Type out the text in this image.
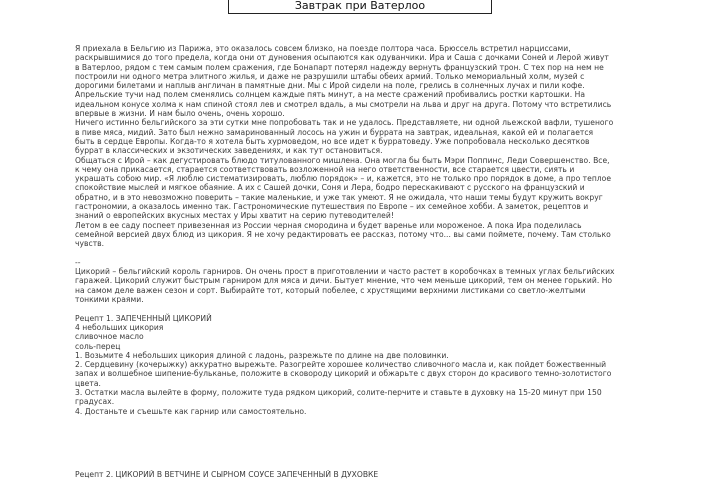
Завтрак при Ватерлоо

Я приехала в Бельгию из Парижа, это оказалось совсем близко, на поезде полтора часа. Брюссель встретил нарциссами, раскрывшимися до того предела, когда они от дуновения осыпаются как одуванчики. Ира и Саша с дочками Соней и Лерой живут в Ватерлоо, рядом с тем самым полем сражения, где Бонапарт потерял надежду вернуть французский трон. С тех пор на нем не построили ни одного метра элитного жилья, и даже не разрушили штабы обеих армий. Только мемориальный холм, музей с дорогими билетами и наплыв англичан в памятные дни. Мы с Ирой сидели на поле, грелись в солнечных лучах и пили кофе. Апрельские тучи над полем сменялись солнцем каждые пять минут, а на месте сражений пробивались ростки картошки. На идеальном конусе холма к нам спиной стоял лев и смотрел вдаль, а мы смотрели на льва и друг на друга. Потому что встретились впервые в жизни. И нам было очень, очень хорошо.

Ничего истинно бельгийского за эти сутки мне попробовать так и не удалось. Представляете, ни одной льежской вафли, тушеного в пиве мяса, мидий. Зато был нежно замаринованный лосось на ужин и буррата на завтрак, идеальная, какой ей и полагается быть в сердце Европы. Когда-то я хотела быть хурмоведом, но все идет к бурратоведу. Уже попробовала несколько десятков буррат в классических и экзотических заведениях, и как тут остановиться.

Общаться с Ирой – как дегустировать блюдо титулованного мишлена. Она могла бы быть Мэри Поппинс, Леди Совершенство. Все, к чему она прикасается, старается соответствовать возложенной на него ответственности, все старается цвести, сиять и украшать собою мир. «Я люблю систематизировать, люблю порядок» – и, кажется, это не только про порядок в доме, а про теплое спокойствие мыслей и мягкое обаяние. А их с Сашей дочки, Соня и Лера, бодро перескакивают с русского на французский и обратно, и в это невозможно поверить – такие маленькие, и уже так умеют. Я не ожидала, что наши темы будут кружить вокруг гастрономии, а оказалось именно так. Гастрономические путешествия по Европе – их семейное хобби. А заметок, рецептов и знаний о европейских вкусных местах у Иры хватит на серию путеводителей!

Летом в ее саду поспеет привезенная из России черная смородина и будет варенье или мороженое. А пока Ира поделилась семейной версией двух блюд из цикория. Я не хочу редактировать ее рассказ, потому что... вы сами поймете, почему. Там столько чувств.

--

Цикорий – бельгийский король гарниров. Он очень прост в приготовлении и часто растет в коробочках в темных углах бельгийских гаражей. Цикорий служит быстрым гарниром для мяса и дичи. Бытует мнение, что чем меньше цикорий, тем он менее горький. Но на самом деле важен сезон и сорт. Выбирайте тот, который побелее, с хрустящими верхними листиками со светло-желтыми тонкими краями.

Рецепт 1. ЗАПЕЧЕННЫЙ ЦИКОРИЙ

4 небольших цикория
сливочное масло
соль-перец
1. Возьмите 4 небольших цикория длиной с ладонь, разрежьте по длине на две половинки.
2. Сердцевину (кочерыжку) аккуратно вырежьте. Разогрейте хорошее количество сливочного масла и, как пойдет божественный запах и волшебное шипение-бульканье, положите в сковороду цикорий и обжарьте с двух сторон до красивого темно-золотистого цвета.
3. Остатки масла вылейте в форму, положите туда рядком цикорий, солите-перчите и ставьте в духовку на 15-20 минут при 150 градусах.
4. Достаньте и съешьте как гарнир или самостоятельно.
Рецепт 2. ЦИКОРИЙ В ВЕТЧИНЕ И СЫРНОМ СОУСЕ ЗАПЕЧЕННЫЙ В ДУХОВКЕ
